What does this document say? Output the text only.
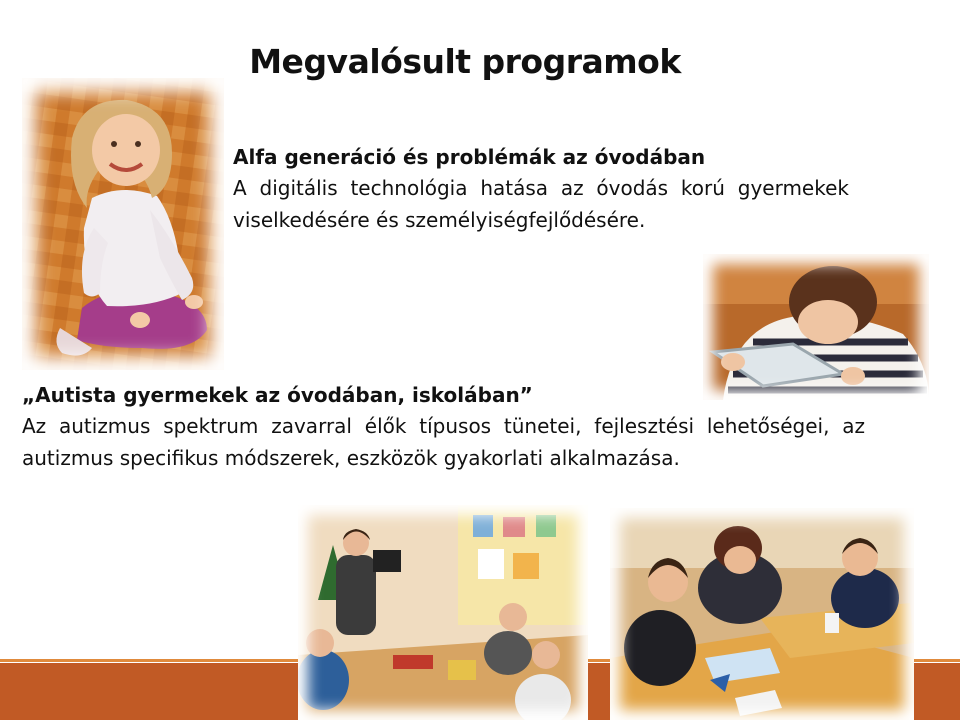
Megvalósult programok
Alfa generáció és problémák az óvodában
A digitális technológia hatása az óvodás korú gyermekek viselkedésére és személyiségfejlődésére.
„Autista gyermekek az óvodában, iskolában”
Az autizmus spektrum zavarral élők típusos tünetei, fejlesztési lehetőségei, az autizmus specifikus módszerek, eszközök gyakorlati alkalmazása.
